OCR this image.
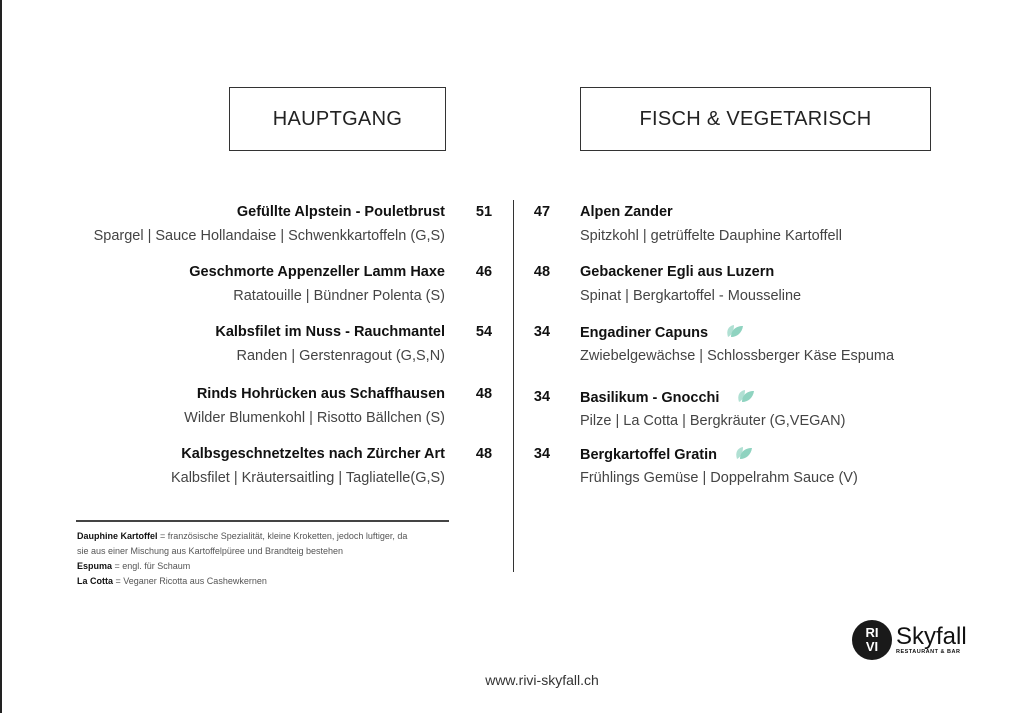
HAUPTGANG	FISCH & VEGETARISCH
Gefüllte Alpstein - Pouletbrust	51
Spargel | Sauce Hollandaise | Schwenkkartoffeln (G,S)
Geschmorte Appenzeller Lamm Haxe	46
Ratatouille | Bündner Polenta (S)
Kalbsfilet im Nuss - Rauchmantel	54
Randen | Gerstenragout (G,S,N)
Rinds Hohrücken aus Schaffhausen	48
Wilder Blumenkohl | Risotto Bällchen (S)
Kalbsgeschnetzeltes nach Zürcher Art	48
Kalbsfilet | Kräutersaitling | Tagliatelle(G,S)
47	Alpen Zander
Spitzkohl | getrüffelte Dauphine Kartoffell
48	Gebackener Egli aus Luzern
Spinat | Bergkartoffel - Mousseline
34	Engadiner Capuns
Zwiebelgewächse | Schlossberger Käse Espuma
34	Basilikum - Gnocchi
Pilze | La Cotta | Bergkräuter (G,VEGAN)
34	Bergkartoffel Gratin
Frühlings Gemüse | Doppelrahm Sauce (V)
Dauphine Kartoffel = französische Spezialität, kleine Kroketten, jedoch luftiger, da
sie aus einer Mischung aus Kartoffelpüree und Brandteig bestehen
Espuma = engl. für Schaum
La Cotta = Veganer Ricotta aus Cashewkernen
RI
VI Skyfall
RESTAURANT & BAR
www.rivi-skyfall.ch
